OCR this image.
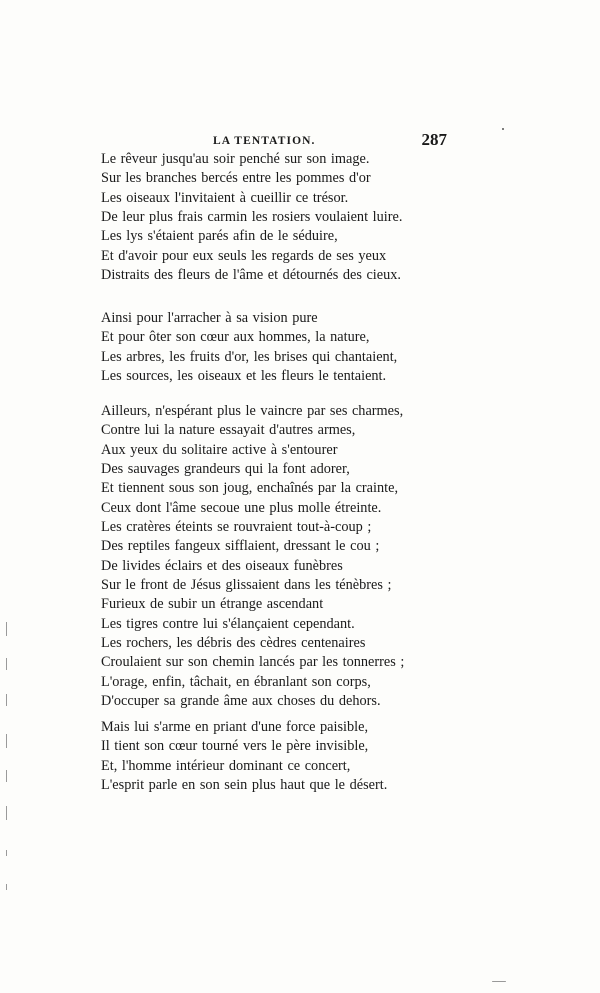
LA TENTATION.	287
Le rêveur jusqu'au soir penché sur son image.
Sur les branches bercés entre les pommes d'or
Les oiseaux l'invitaient à cueillir ce trésor.
De leur plus frais carmin les rosiers voulaient luire.
Les lys s'étaient parés afin de le séduire,
Et d'avoir pour eux seuls les regards de ses yeux
Distraits des fleurs de l'âme et détournés des cieux.
Ainsi pour l'arracher à sa vision pure
Et pour ôter son cœur aux hommes, la nature,
Les arbres, les fruits d'or, les brises qui chantaient,
Les sources, les oiseaux et les fleurs le tentaient.
Ailleurs, n'espérant plus le vaincre par ses charmes,
Contre lui la nature essayait d'autres armes,
Aux yeux du solitaire active à s'entourer
Des sauvages grandeurs qui la font adorer,
Et tiennent sous son joug, enchaînés par la crainte,
Ceux dont l'âme secoue une plus molle étreinte.
Les cratères éteints se rouvraient tout-à-coup ;
Des reptiles fangeux sifflaient, dressant le cou ;
De livides éclairs et des oiseaux funèbres
Sur le front de Jésus glissaient dans les ténèbres ;
Furieux de subir un étrange ascendant
Les tigres contre lui s'élançaient cependant.
Les rochers, les débris des cèdres centenaires
Croulaient sur son chemin lancés par les tonnerres ;
L'orage, enfin, tâchait, en ébranlant son corps,
D'occuper sa grande âme aux choses du dehors.
Mais lui s'arme en priant d'une force paisible,
Il tient son cœur tourné vers le père invisible,
Et, l'homme intérieur dominant ce concert,
L'esprit parle en son sein plus haut que le désert.
